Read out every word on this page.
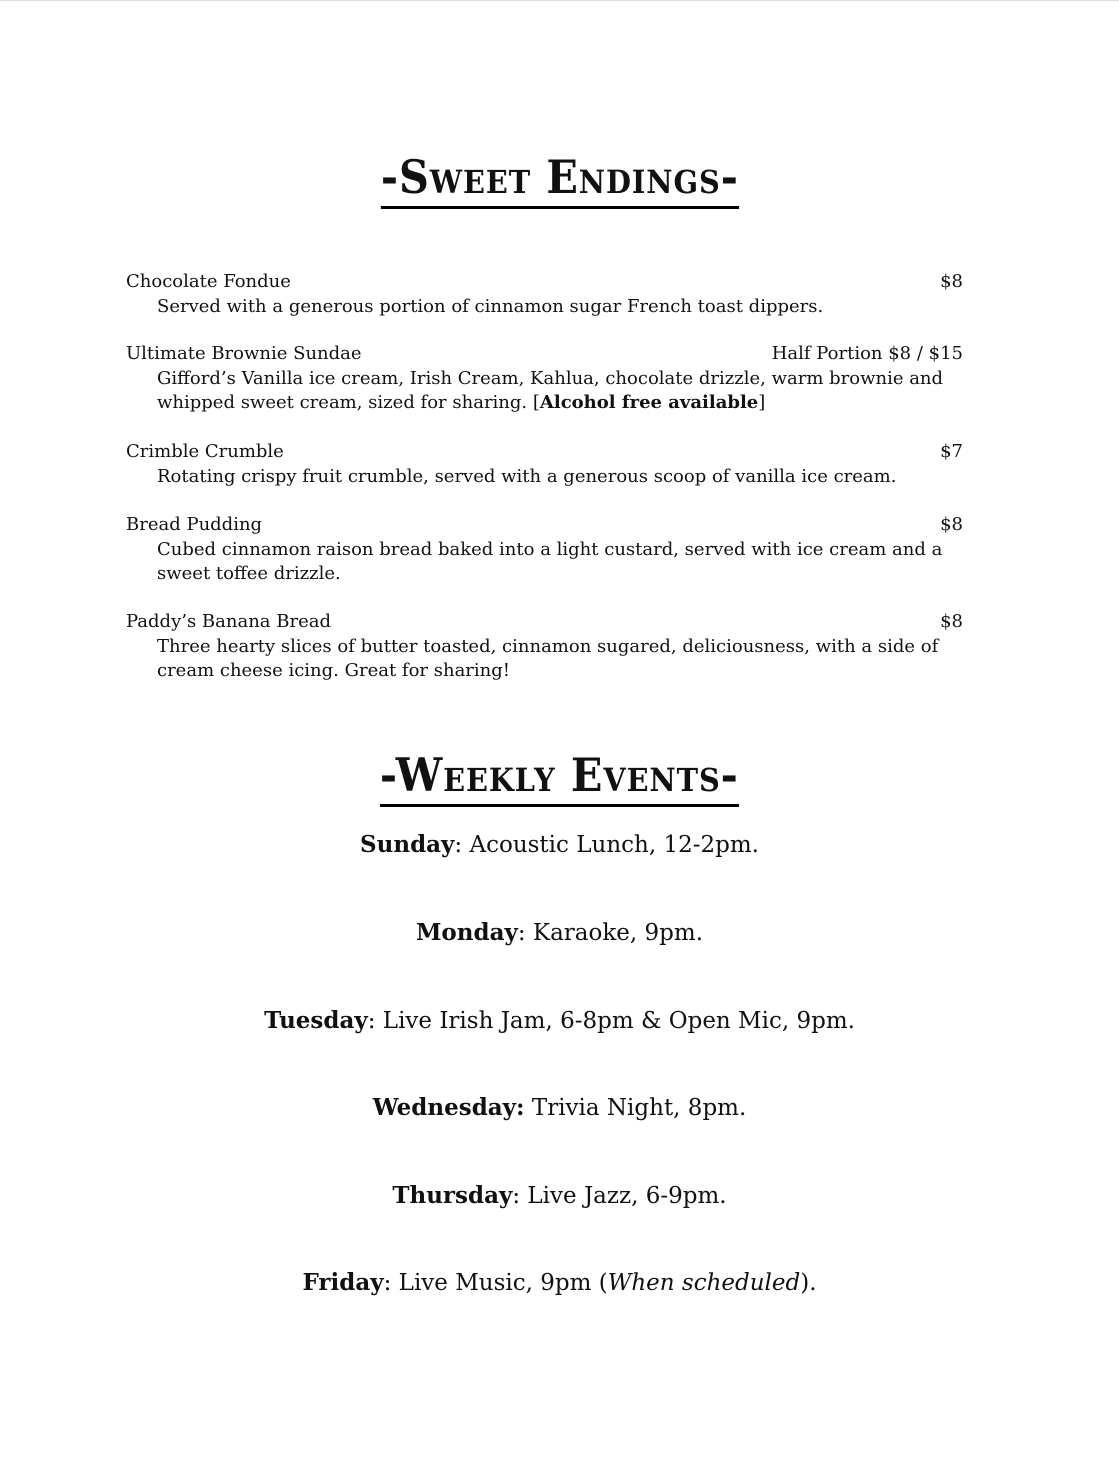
-Sweet Endings-
Chocolate Fondue	$8
Served with a generous portion of cinnamon sugar French toast dippers.
Ultimate Brownie Sundae	Half Portion $8 / $15
Gifford’s Vanilla ice cream, Irish Cream, Kahlua, chocolate drizzle, warm brownie and whipped sweet cream, sized for sharing. [Alcohol free available]
Crimble Crumble	$7
Rotating crispy fruit crumble, served with a generous scoop of vanilla ice cream.
Bread Pudding	$8
Cubed cinnamon raison bread baked into a light custard, served with ice cream and a sweet toffee drizzle.
Paddy’s Banana Bread	$8
Three hearty slices of butter toasted, cinnamon sugared, deliciousness, with a side of cream cheese icing. Great for sharing!
-Weekly Events-
Sunday: Acoustic Lunch, 12-2pm.
Monday: Karaoke, 9pm.
Tuesday: Live Irish Jam, 6-8pm & Open Mic, 9pm.
Wednesday: Trivia Night, 8pm.
Thursday: Live Jazz, 6-9pm.
Friday: Live Music, 9pm (When scheduled).
